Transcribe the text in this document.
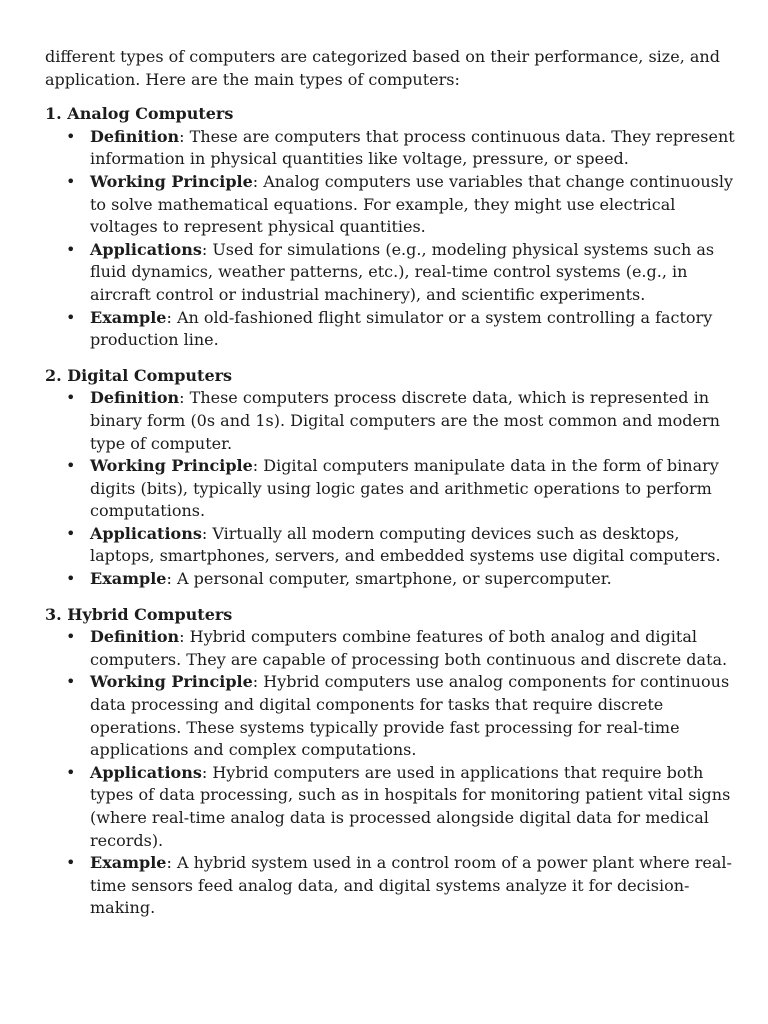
different types of computers are categorized based on their performance, size, and application. Here are the main types of computers:

1. Analog Computers

• Definition: These are computers that process continuous data. They represent information in physical quantities like voltage, pressure, or speed.
• Working Principle: Analog computers use variables that change continuously to solve mathematical equations. For example, they might use electrical voltages to represent physical quantities.
• Applications: Used for simulations (e.g., modeling physical systems such as fluid dynamics, weather patterns, etc.), real-time control systems (e.g., in aircraft control or industrial machinery), and scientific experiments.
• Example: An old-fashioned flight simulator or a system controlling a factory production line.

2. Digital Computers

• Definition: These computers process discrete data, which is represented in binary form (0s and 1s). Digital computers are the most common and modern type of computer.
• Working Principle: Digital computers manipulate data in the form of binary digits (bits), typically using logic gates and arithmetic operations to perform computations.
• Applications: Virtually all modern computing devices such as desktops, laptops, smartphones, servers, and embedded systems use digital computers.
• Example: A personal computer, smartphone, or supercomputer.

3. Hybrid Computers

• Definition: Hybrid computers combine features of both analog and digital computers. They are capable of processing both continuous and discrete data.
• Working Principle: Hybrid computers use analog components for continuous data processing and digital components for tasks that require discrete operations. These systems typically provide fast processing for real-time applications and complex computations.
• Applications: Hybrid computers are used in applications that require both types of data processing, such as in hospitals for monitoring patient vital signs (where real-time analog data is processed alongside digital data for medical records).
• Example: A hybrid system used in a control room of a power plant where real-time sensors feed analog data, and digital systems analyze it for decision-making.
